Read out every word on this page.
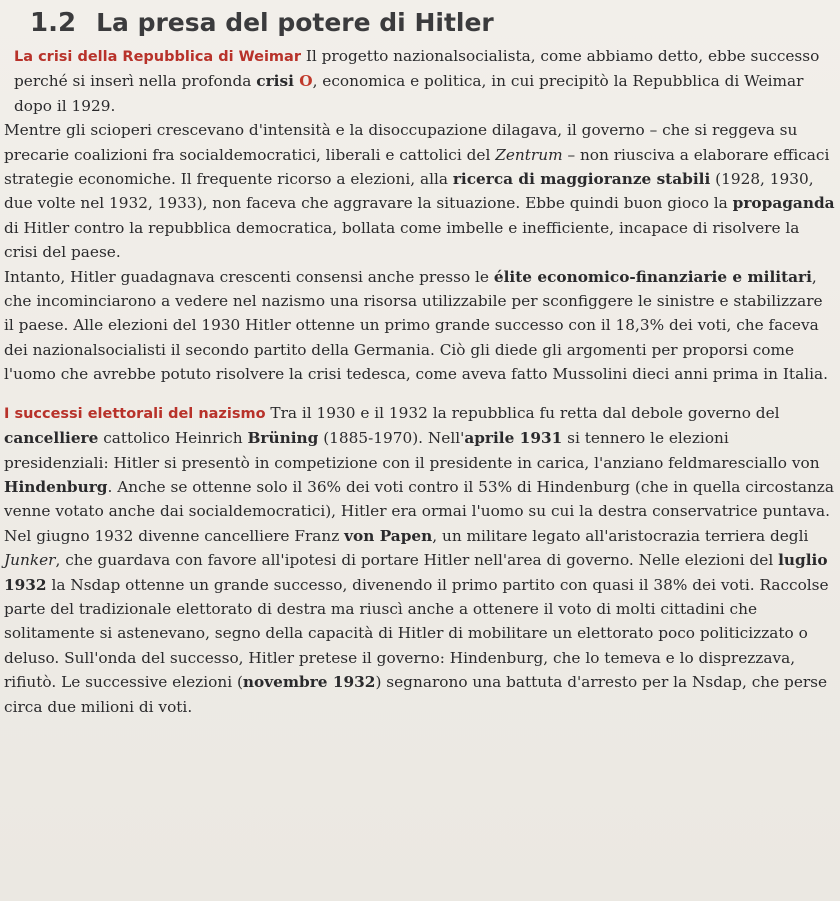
1.2 La presa del potere di Hitler

La crisi della Repubblica di Weimar Il progetto nazionalsocialista, come abbiamo detto, ebbe successo perché si inserì nella profonda crisi O, economica e politica, in cui precipitò la Repubblica di Weimar dopo il 1929.

Mentre gli scioperi crescevano d'intensità e la disoccupazione dilagava, il governo – che si reggeva su precarie coalizioni fra socialdemocratici, liberali e cattolici del Zentrum – non riusciva a elaborare efficaci strategie economiche. Il frequente ricorso a elezioni, alla ricerca di maggioranze stabili (1928, 1930, due volte nel 1932, 1933), non faceva che aggravare la situazione. Ebbe quindi buon gioco la propaganda di Hitler contro la repubblica democratica, bollata come imbelle e inefficiente, incapace di risolvere la crisi del paese.

Intanto, Hitler guadagnava crescenti consensi anche presso le élite economico-finanziarie e militari, che incominciarono a vedere nel nazismo una risorsa utilizzabile per sconfiggere le sinistre e stabilizzare il paese. Alle elezioni del 1930 Hitler ottenne un primo grande successo con il 18,3% dei voti, che faceva dei nazionalsocialisti il secondo partito della Germania. Ciò gli diede gli argomenti per proporsi come l'uomo che avrebbe potuto risolvere la crisi tedesca, come aveva fatto Mussolini dieci anni prima in Italia.

I successi elettorali del nazismo Tra il 1930 e il 1932 la repubblica fu retta dal debole governo del cancelliere cattolico Heinrich Brüning (1885-1970). Nell'aprile 1931 si tennero le elezioni presidenziali: Hitler si presentò in competizione con il presidente in carica, l'anziano feldmaresciallo von Hindenburg. Anche se ottenne solo il 36% dei voti contro il 53% di Hindenburg (che in quella circostanza venne votato anche dai socialdemocratici), Hitler era ormai l'uomo su cui la destra conservatrice puntava.

Nel giugno 1932 divenne cancelliere Franz von Papen, un militare legato all'aristocrazia terriera degli Junker, che guardava con favore all'ipotesi di portare Hitler nell'area di governo. Nelle elezioni del luglio 1932 la Nsdap ottenne un grande successo, divenendo il primo partito con quasi il 38% dei voti. Raccolse parte del tradizionale elettorato di destra ma riuscì anche a ottenere il voto di molti cittadini che solitamente si astenevano, segno della capacità di Hitler di mobilitare un elettorato poco politicizzato o deluso. Sull'onda del successo, Hitler pretese il governo: Hindenburg, che lo temeva e lo disprezzava, rifiutò. Le successive elezioni (novembre 1932) segnarono una battuta d'arresto per la Nsdap, che perse circa due milioni di voti.
